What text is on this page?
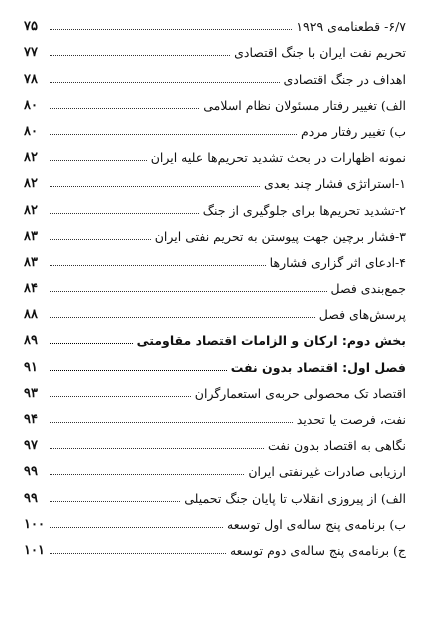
۶/۷- قطعنامه‌ی ۱۹۲۹
۷۵
تحریم نفت ایران با جنگ اقتصادی
۷۷
اهداف در جنگ اقتصادی
۷۸
الف) تغییر رفتار مسئولان نظام اسلامی
۸۰
ب) تغییر رفتار مردم
۸۰
نمونه اظهارات در بحث تشدید تحریم‌ها علیه ایران
۸۲
۱-استراتژی فشار چند بعدی
۸۲
۲-تشدید تحریم‌ها برای جلوگیری از جنگ
۸۲
۳-فشار برچین جهت پیوستن به تحریم نفتی ایران
۸۳
۴-ادعای اثر گزاری فشارها
۸۳
جمع‌بندی فصل
۸۴
پرسش‌های فصل
۸۸
بخش دوم: ارکان و الزامات اقتصاد مقاومتی
۸۹
فصل اول: اقتصاد بدون نفت
۹۱
اقتصاد تک محصولی حربه‌ی استعمارگران
۹۳
نفت، فرصت یا تحدید
۹۴
نگاهی به اقتصاد بدون نفت
۹۷
ارزیابی صادرات غیرنفتی ایران
۹۹
الف) از پیروزی انقلاب تا پایان جنگ تحمیلی
۹۹
ب) برنامه‌ی پنج ساله‌ی اول توسعه
۱۰۰
ج) برنامه‌ی پنج ساله‌ی دوم توسعه
۱۰۱
